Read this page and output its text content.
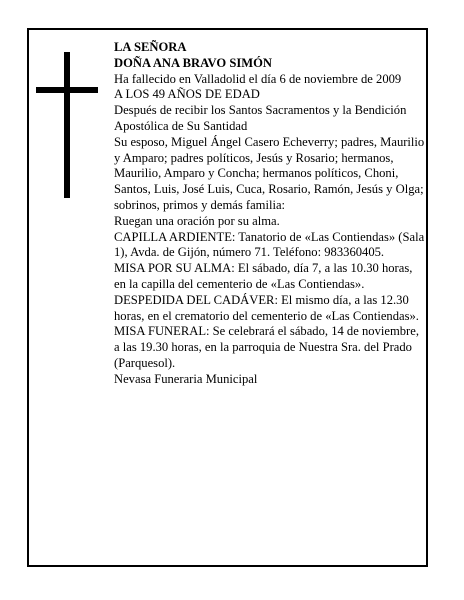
LA SEÑORA

DOÑA ANA BRAVO SIMÓN

Ha fallecido en Valladolid el día 6 de noviembre de 2009

A LOS 49 AÑOS DE EDAD

Después de recibir los Santos Sacramentos y la Bendición Apostólica de Su Santidad

Su esposo, Miguel Ángel Casero Echeverry; padres, Maurilio y Amparo; padres políticos, Jesús y Rosario; hermanos, Maurilio, Amparo y Concha; hermanos políticos, Choni, Santos, Luis, José Luis, Cuca, Rosario, Ramón, Jesús y Olga; sobrinos, primos y demás familia:

Ruegan una oración por su alma.

CAPILLA ARDIENTE: Tanatorio de «Las Contiendas» (Sala 1), Avda. de Gijón, número 71. Teléfono: 983360405.

MISA POR SU ALMA: El sábado, día 7, a las 10.30 horas, en la capilla del cementerio de «Las Contiendas».

DESPEDIDA DEL CADÁVER: El mismo día, a las 12.30 horas, en el crematorio del cementerio de «Las Contiendas».

MISA FUNERAL: Se celebrará el sábado, 14 de noviembre, a las 19.30 horas, en la parroquia de Nuestra Sra. del Prado (Parquesol).

Nevasa Funeraria Municipal
